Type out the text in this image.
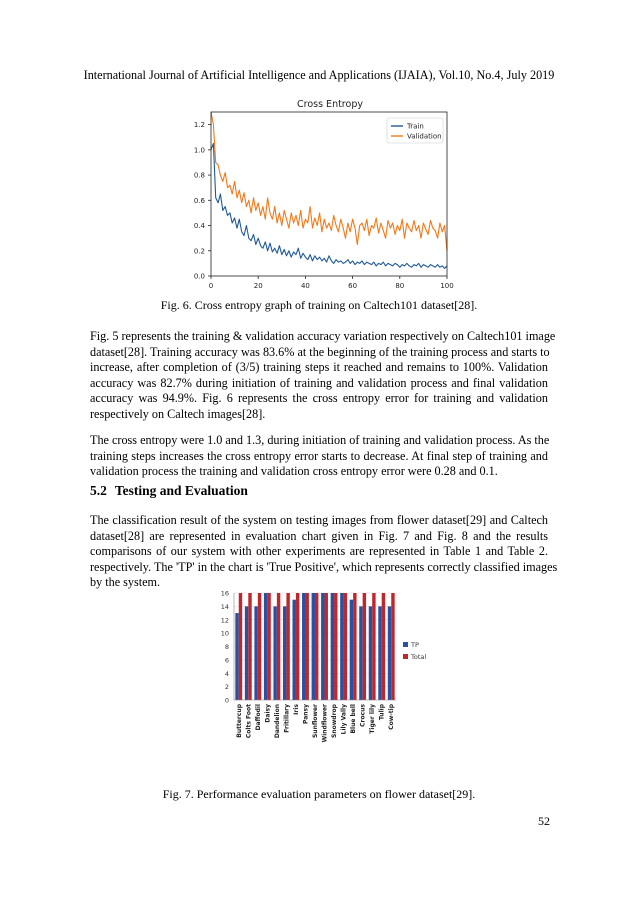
International Journal of Artificial Intelligence and Applications (IJAIA), Vol.10, No.4, July 2019
Cross Entropy
0	20	40	60	80	100
0.0
0.2
0.4
0.6
0.8
1.0
1.2	Train
Validation
Fig. 6. Cross entropy graph of training on Caltech101 dataset[28].
Fig. 5 represents the training & validation accuracy variation respectively on Caltech101 image
dataset[28]. Training accuracy was 83.6% at the beginning of the training process and starts to
increase, after completion of (3/5) training steps it reached and remains to 100%. Validation
accuracy was 82.7% during initiation of training and validation process and final validation
accuracy was 94.9%. Fig. 6 represents the cross entropy error for training and validation
respectively on Caltech images[28].
The cross entropy were 1.0 and 1.3, during initiation of training and validation process. As the
training steps increases the cross entropy error starts to decrease. At final step of training and
validation process the training and validation cross entropy error were 0.28 and 0.1.
5.2 Testing and Evaluation
The classification result of the system on testing images from flower dataset[29] and Caltech
dataset[28] are represented in evaluation chart given in Fig. 7 and Fig. 8 and the results
comparisons of our system with other experiments are represented in Table 1 and Table 2.
respectively. The 'TP' in the chart is 'True Positive', which represents correctly classified images
by the system.
0
2
4
6
8
10
12
14
16
Buttercup Colts Foot Daffodil Daisy Dandelion Fritillary Iris Pansy Sunflower Windflower Snowdrop Lily Vally Blue bell Crocus Tiger lily Tulip Cow-tip
TP
Total
Fig. 7. Performance evaluation parameters on flower dataset[29].
52
